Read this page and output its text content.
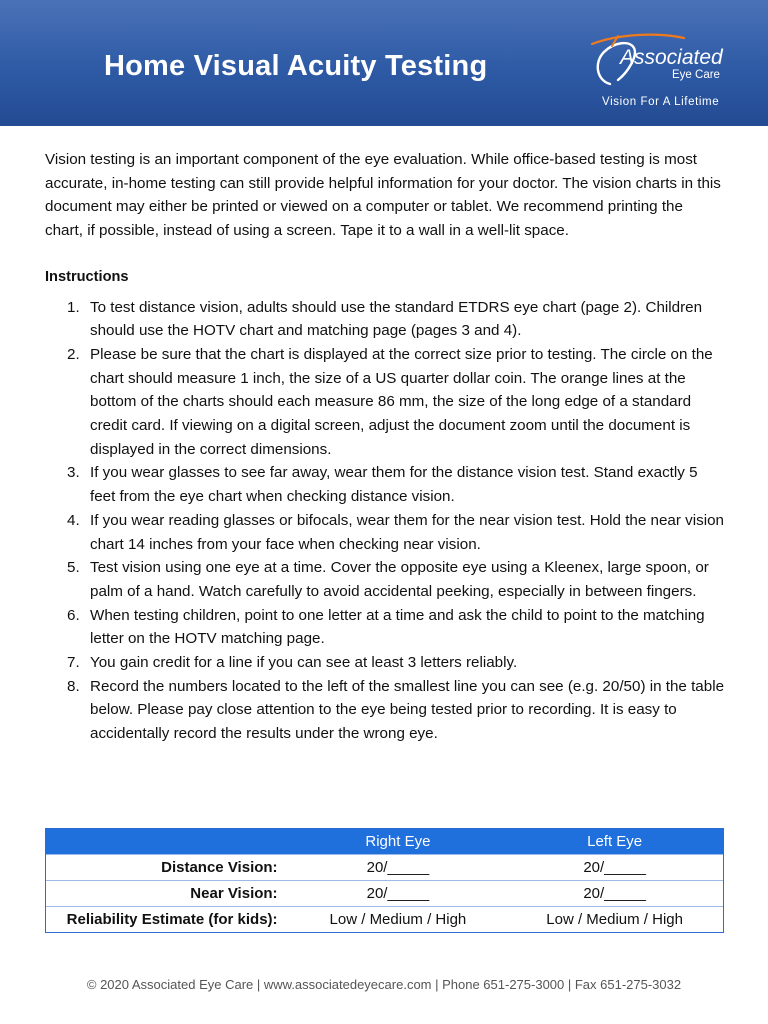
Home Visual Acuity Testing	Associated
Eye Care
Vision For A Lifetime

Vision testing is an important component of the eye evaluation. While office-based testing is most accurate, in-home testing can still provide helpful information for your doctor. The vision charts in this document may either be printed or viewed on a computer or tablet. We recommend printing the chart, if possible, instead of using a screen. Tape it to a wall in a well-lit space.

Instructions
1. To test distance vision, adults should use the standard ETDRS eye chart (page 2). Children should use the HOTV chart and matching page (pages 3 and 4).
2. Please be sure that the chart is displayed at the correct size prior to testing. The circle on the chart should measure 1 inch, the size of a US quarter dollar coin. The orange lines at the bottom of the charts should each measure 86 mm, the size of the long edge of a standard credit card. If viewing on a digital screen, adjust the document zoom until the document is displayed in the correct dimensions.
3. If you wear glasses to see far away, wear them for the distance vision test. Stand exactly 5 feet from the eye chart when checking distance vision.
4. If you wear reading glasses or bifocals, wear them for the near vision test. Hold the near vision chart 14 inches from your face when checking near vision.
5. Test vision using one eye at a time. Cover the opposite eye using a Kleenex, large spoon, or palm of a hand. Watch carefully to avoid accidental peeking, especially in between fingers.
6. When testing children, point to one letter at a time and ask the child to point to the matching letter on the HOTV matching page.
7. You gain credit for a line if you can see at least 3 letters reliably.
8. Record the numbers located to the left of the smallest line you can see (e.g. 20/50) in the table below. Please pay close attention to the eye being tested prior to recording. It is easy to accidentally record the results under the wrong eye.
	Right Eye	Left Eye
Distance Vision:	20/_____	20/_____
Near Vision:	20/_____	20/_____
Reliability Estimate (for kids):	Low / Medium / High	Low / Medium / High
© 2020 Associated Eye Care | www.associatedeyecare.com | Phone 651-275-3000 | Fax 651-275-3032
